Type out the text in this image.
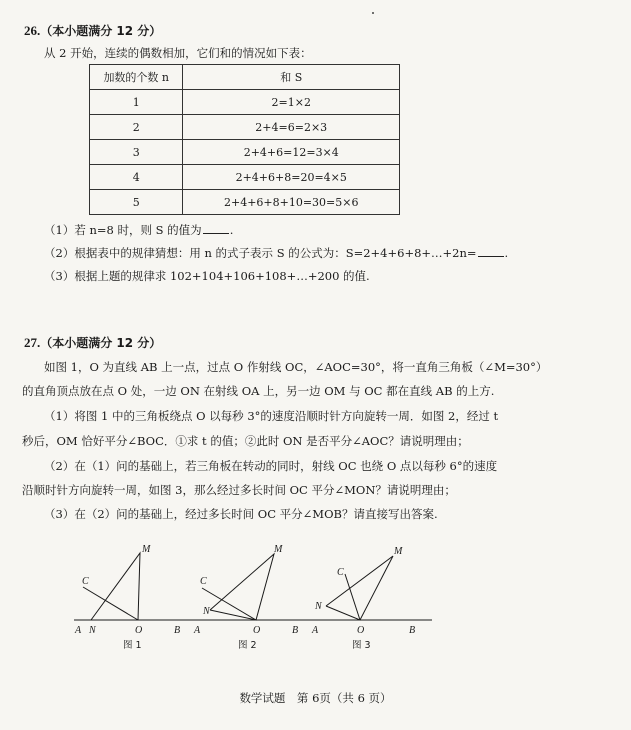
26.（本小题满分 12 分）
从 2 开始，连续的偶数相加，它们和的情况如下表：
加数的个数 n	和 S
1	2=1×2
2	2+4=6=2×3
3	2+4+6=12=3×4
4	2+4+6+8=20=4×5
5	2+4+6+8+10=30=5×6
（1）若 n=8 时，则 S 的值为 .
（2）根据表中的规律猜想：用 n 的式子表示 S 的公式为：S=2+4+6+8+…+2n= .
（3）根据上题的规律求 102+104+106+108+…+200 的值.
27.（本小题满分 12 分）
如图 1，O 为直线 AB 上一点，过点 O 作射线 OC，∠AOC=30°，将一直角三角板（∠M=30°）
的直角顶点放在点 O 处，一边 ON 在射线 OA 上，另一边 OM 与 OC 都在直线 AB 的上方.
（1）将图 1 中的三角板绕点 O 以每秒 3°的速度沿顺时针方向旋转一周．如图 2，经过 t
秒后，OM 恰好平分∠BOC．①求 t 的值；②此时 ON 是否平分∠AOC？请说明理由；
（2）在（1）问的基础上，若三角板在转动的同时，射线 OC 也绕 O 点以每秒 6°的速度
沿顺时针方向旋转一周，如图 3，那么经过多长时间 OC 平分∠MON？请说明理由；
（3）在（2）问的基础上，经过多长时间 OC 平分∠MOB？请直接写出答案.
M
C
A N	O	B
图 1
M
C
N
A	O	B
图 2
M
C
N
A	O	B
图 3
数学试题　第 6页（共 6 页）
